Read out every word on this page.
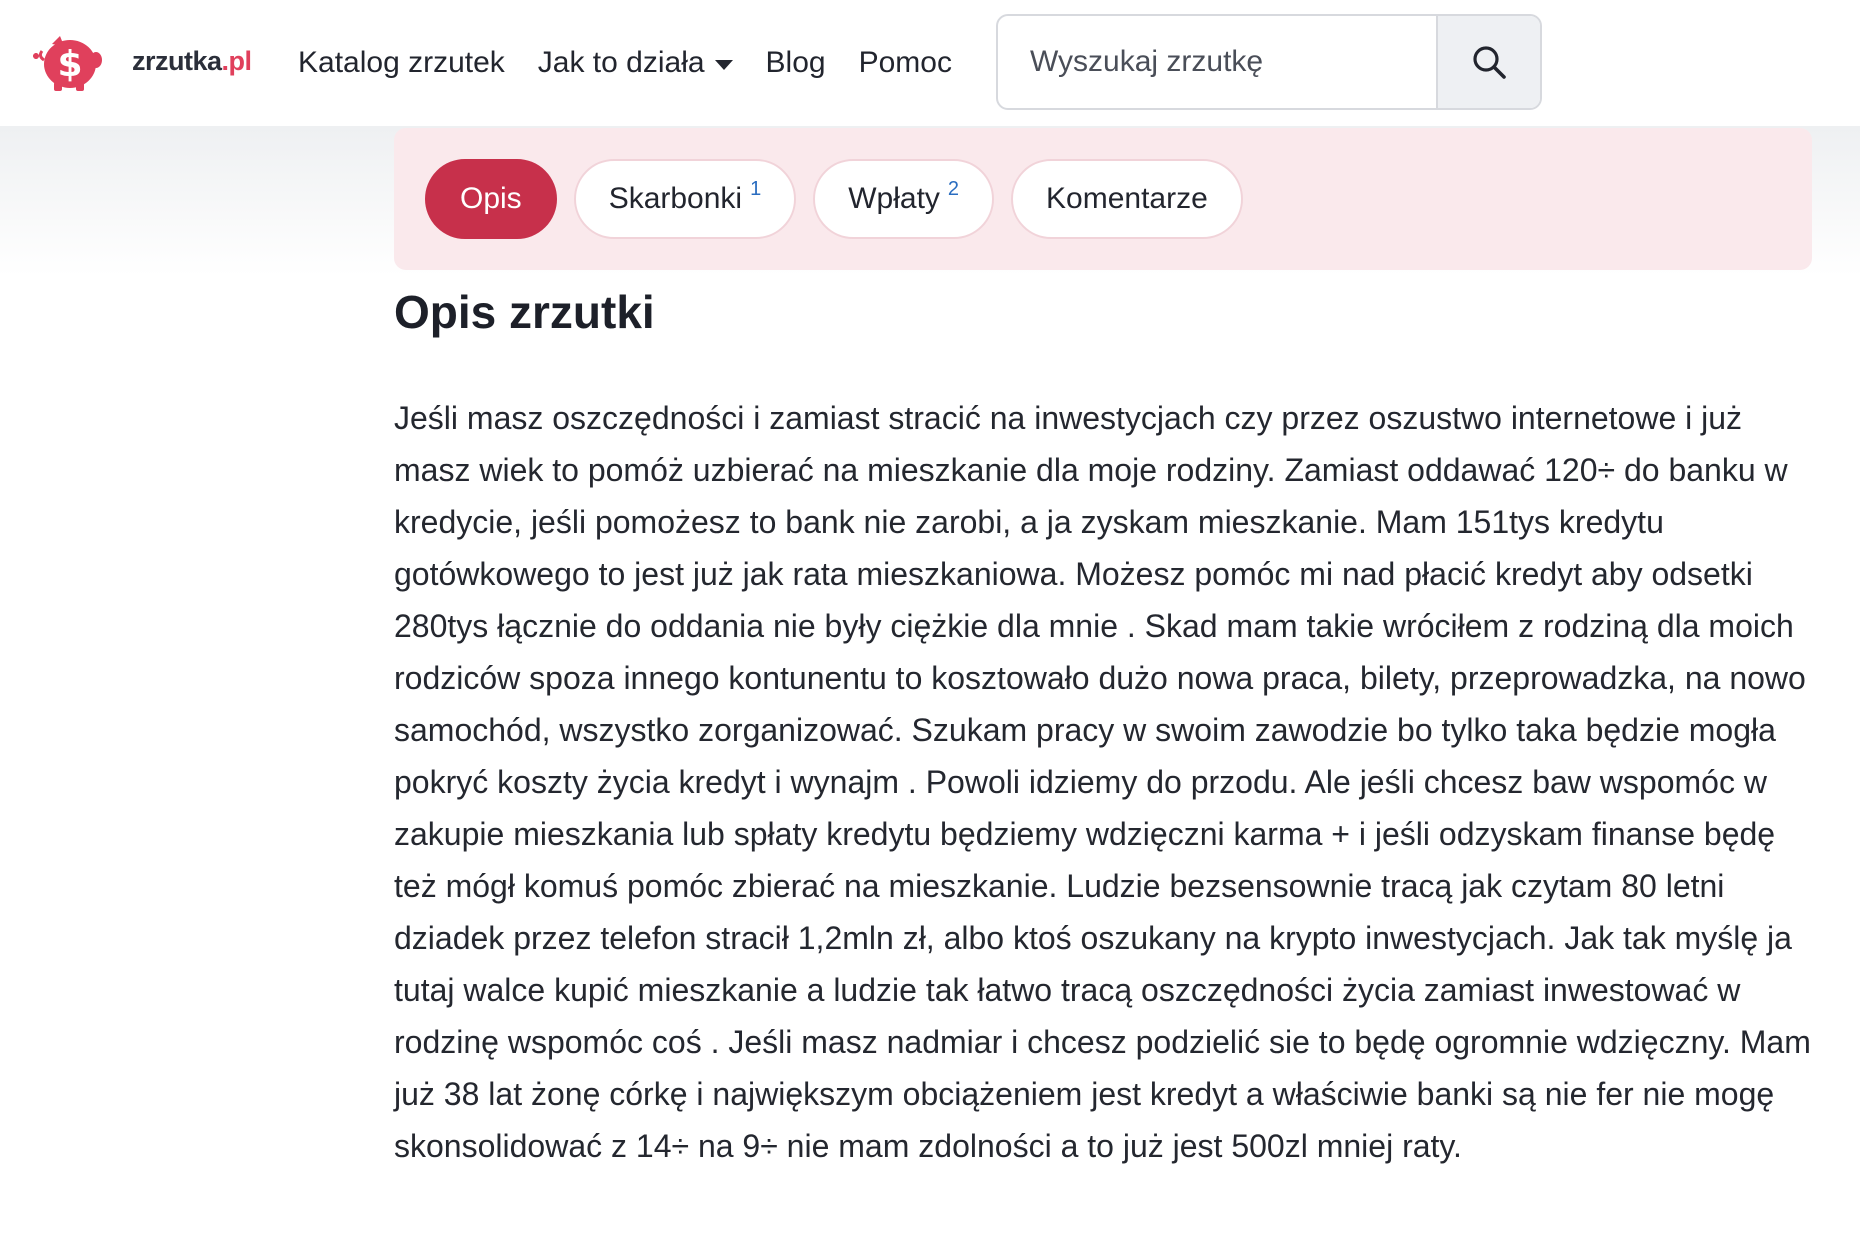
$ zrzutka.pl Katalog zrzutek Jak to działa Blog Pomoc
Wyszukaj zrzutkę
Opis	Skarbonki $^1$	Wpłaty $^2$	Komentarze
Opis zrzutki

Jeśli masz oszczędności i zamiast stracić na inwestycjach czy przez oszustwo internetowe i już masz wiek to pomóż uzbierać na mieszkanie dla moje rodziny. Zamiast oddawać 120÷ do banku w kredycie, jeśli pomożesz to bank nie zarobi, a ja zyskam mieszkanie. Mam 151tys kredytu gotówkowego to jest już jak rata mieszkaniowa. Możesz pomóc mi nad płacić kredyt aby odsetki 280tys łącznie do oddania nie były ciężkie dla mnie . Skad mam takie wróciłem z rodziną dla moich rodziców spoza innego kontunentu to kosztowało dużo nowa praca, bilety, przeprowadzka, na nowo samochód, wszystko zorganizować. Szukam pracy w swoim zawodzie bo tylko taka będzie mogła pokryć koszty życia kredyt i wynajm . Powoli idziemy do przodu. Ale jeśli chcesz baw wspomóc w zakupie mieszkania lub spłaty kredytu będziemy wdzięczni karma + i jeśli odzyskam finanse będę też mógł komuś pomóc zbierać na mieszkanie. Ludzie bezsensownie tracą jak czytam 80 letni dziadek przez telefon stracił 1,2mln zł, albo ktoś oszukany na krypto inwestycjach. Jak tak myślę ja tutaj walce kupić mieszkanie a ludzie tak łatwo tracą oszczędności życia zamiast inwestować w rodzinę wspomóc coś . Jeśli masz nadmiar i chcesz podzielić sie to będę ogromnie wdzięczny. Mam już 38 lat żonę córkę i największym obciążeniem jest kredyt a właściwie banki są nie fer nie mogę skonsolidować z 14÷ na 9÷ nie mam zdolności a to już jest 500zl mniej raty.
